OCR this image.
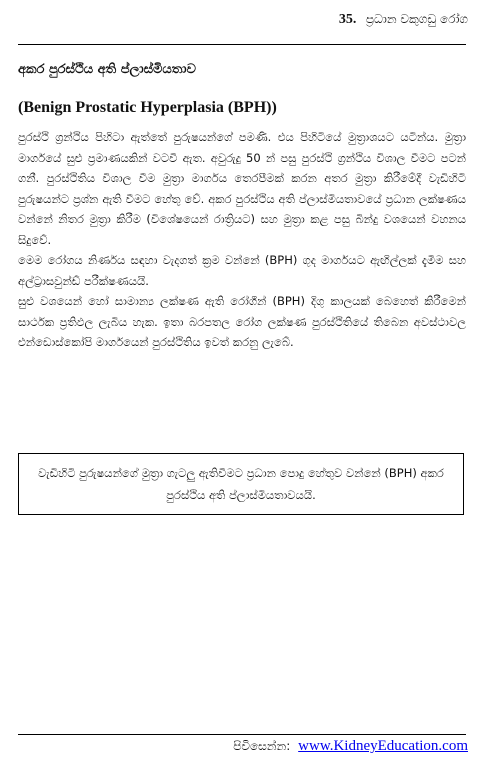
35. ප්‍රධාන වකුගඩු රෝග
අකර පුරස්ථිය අති ප්ලාස්මියතාව
(Benign Prostatic Hyperplasia (BPH))

පුරස්ථි ග්‍රන්ථිය පිහිටා ඇත්තේ පුරුෂයන්ගේ පමණි. එය පිහිටියේ මුත්‍රාශයට යටින්ය. මුත්‍රා මාර්ගයේ සුළු ප්‍රමාණයකින් වටවී ඇත. අවුරුදු 50 න් පසු පුරස්ථි ග්‍රන්ථිය විශාල වීමට පටන් ගනී. පුරස්ථිතිය විශාල වීම මුත්‍රා මාර්ගය තෙරපීමක් කරන අතර මුත්‍රා කිරීමේදී වැඩිහිටි පුරුෂයන්ට ප්‍රශ්න ඇති වීමට හේතු වේ. අකර පුරස්ථිය අති ප්ලාස්මියතාවයේ ප්‍රධාන ලක්ෂණය වන්නේ නිතර මුත්‍රා කිරීම (විශේෂයෙන් රාත්‍රියට) සහ මුත්‍රා කළ පසු බින්දු වශයෙන් වහනය සිදුවේ.

මෙම රෝගය නිර්ණය සඳහා වැදගත් ක්‍රම වන්නේ (BPH) ගුද මාර්ගයට ඇඟිල්ලක් දැමීම සහ අල්ට්‍රාසවුන්ඩ් පරීක්ෂණයයි.

සුළු වශයෙන් හෝ සාමාන්‍ය ලක්ෂණ ඇති රෝගීන් (BPH) දිගු කාලයක් බෙහෙත් කිරීමෙන් සාර්ථක ප්‍රතිඵල ලැබිය හැක. ඉතා බරපතල රෝග ලක්ෂණ පුරස්ථිතියේ තිබෙන අවස්ථාවල එන්ඩොස්කෝපි මාර්ගයෙන් පුරස්ථිතිය ඉවත් කරනු ලැබේ.

වැඩිහිටි පුරුෂයන්ගේ මුත්‍රා ගැටලු ඇතිවීමට ප්‍රධාන පොදු හේතුව වන්නේ (BPH) අකර පුරස්ථිය අති ප්ලාස්මියතාවයයි.
පිවිසෙන්න: www.KidneyEducation.com
